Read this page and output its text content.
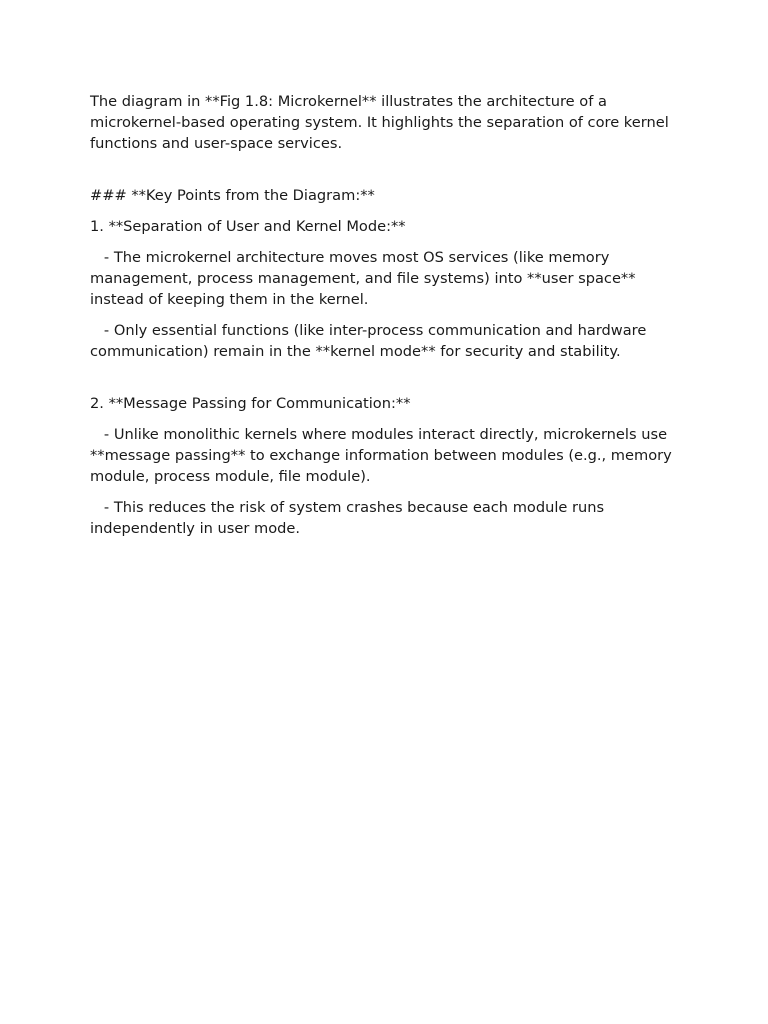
The diagram in **Fig 1.8: Microkernel** illustrates the architecture of a microkernel-based operating system. It highlights the separation of core kernel functions and user-space services.

### **Key Points from the Diagram:**

1. **Separation of User and Kernel Mode:**

- The microkernel architecture moves most OS services (like memory management, process management, and file systems) into **user space** instead of keeping them in the kernel.

- Only essential functions (like inter-process communication and hardware communication) remain in the **kernel mode** for security and stability.

2. **Message Passing for Communication:**

- Unlike monolithic kernels where modules interact directly, microkernels use **message passing** to exchange information between modules (e.g., memory module, process module, file module).

- This reduces the risk of system crashes because each module runs independently in user mode.
